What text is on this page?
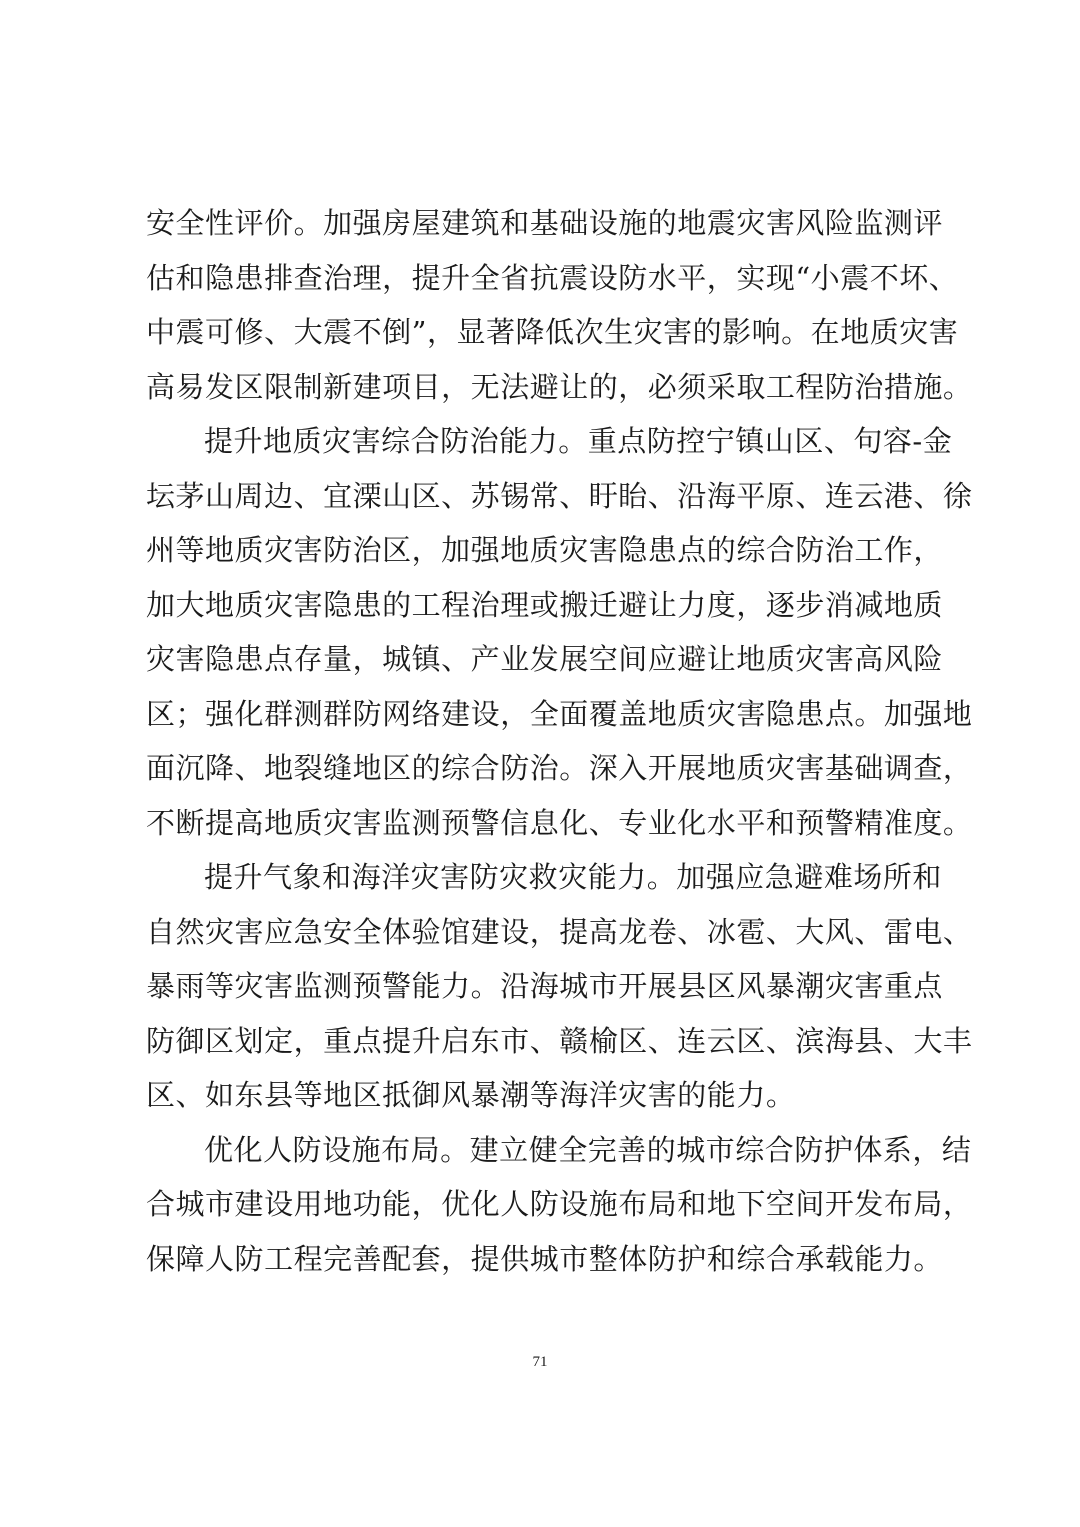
安 全 性 评 价 。 加 强 房 屋 建 筑 和 基 础 设 施 的 地 震 灾 害 风 险 监 测 评
估 和 隐 患 排 查 治 理 ， 提 升 全 省 抗 震 设 防 水 平 ， 实 现 “ 小 震 不 坏 、
中 震 可 修 、 大 震 不 倒 ” ， 显 著 降 低 次 生 灾 害 的 影 响 。 在 地 质 灾 害
高 易 发 区 限 制 新 建 项 目 ， 无 法 避 让 的 ， 必 须 采 取 工 程 防 治 措 施 。
提 升 地 质 灾 害 综 合 防 治 能 力 。 重 点 防 控 宁 镇 山 区 、 句 容 - 金
坛 茅 山 周 边 、 宜 溧 山 区 、 苏 锡 常 、 盱 眙 、 沿 海 平 原 、 连 云 港 、 徐
州 等 地 质 灾 害 防 治 区 ， 加 强 地 质 灾 害 隐 患 点 的 综 合 防 治 工 作 ，
加 大 地 质 灾 害 隐 患 的 工 程 治 理 或 搬 迁 避 让 力 度 ， 逐 步 消 减 地 质
灾 害 隐 患 点 存 量 ， 城 镇 、 产 业 发 展 空 间 应 避 让 地 质 灾 害 高 风 险
区 ； 强 化 群 测 群 防 网 络 建 设 ， 全 面 覆 盖 地 质 灾 害 隐 患 点 。 加 强 地
面 沉 降 、 地 裂 缝 地 区 的 综 合 防 治 。 深 入 开 展 地 质 灾 害 基 础 调 查 ，
不 断 提 高 地 质 灾 害 监 测 预 警 信 息 化 、 专 业 化 水 平 和 预 警 精 准 度 。
提 升 气 象 和 海 洋 灾 害 防 灾 救 灾 能 力 。 加 强 应 急 避 难 场 所 和
自 然 灾 害 应 急 安 全 体 验 馆 建 设 ， 提 高 龙 卷 、 冰 雹 、 大 风 、 雷 电 、
暴 雨 等 灾 害 监 测 预 警 能 力 。 沿 海 城 市 开 展 县 区 风 暴 潮 灾 害 重 点
防 御 区 划 定 ， 重 点 提 升 启 东 市 、 赣 榆 区 、 连 云 区 、 滨 海 县 、 大 丰
区 、 如 东 县 等 地 区 抵 御 风 暴 潮 等 海 洋 灾 害 的 能 力 。
优 化 人 防 设 施 布 局 。 建 立 健 全 完 善 的 城 市 综 合 防 护 体 系 ， 结
合 城 市 建 设 用 地 功 能 ， 优 化 人 防 设 施 布 局 和 地 下 空 间 开 发 布 局 ，
保 障 人 防 工 程 完 善 配 套 ， 提 供 城 市 整 体 防 护 和 综 合 承 载 能 力 。
71
